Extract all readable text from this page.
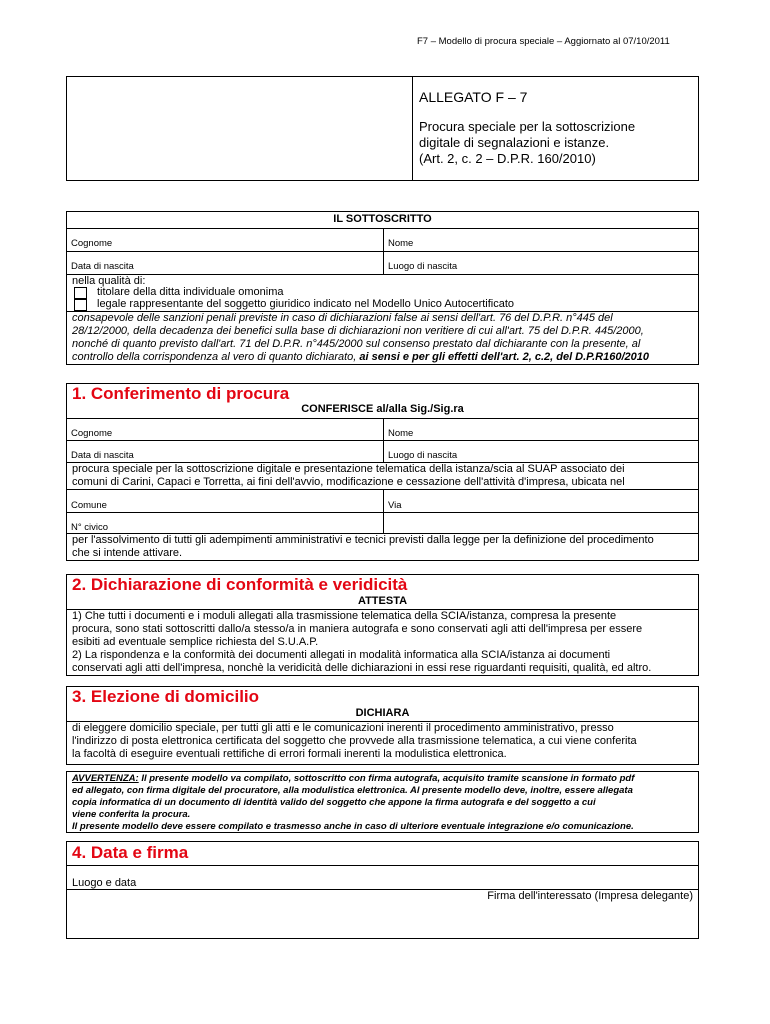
F7 – Modello di procura speciale – Aggiornato al 07/10/2011
ALLEGATO F – 7
Procura speciale per la sottoscrizione
digitale di segnalazioni e istanze.
(Art. 2, c. 2 – D.P.R. 160/2010)
IL SOTTOSCRITTO
Cognome	Nome
Data di nascita	Luogo di nascita
nella qualità di:
titolare della ditta individuale omonima
legale rappresentante del soggetto giuridico indicato nel Modello Unico Autocertificato
consapevole delle sanzioni penali previste in caso di dichiarazioni false ai sensi dell'art. 76 del D.P.R. n°445 del
28/12/2000, della decadenza dei benefici sulla base di dichiarazioni non veritiere di cui all'art. 75 del D.P.R. 445/2000,
nonché di quanto previsto dall'art. 71 del D.P.R. n°445/2000 sul consenso prestato dal dichiarante con la presente, al
controllo della corrispondenza al vero di quanto dichiarato, ai sensi e per gli effetti dell'art. 2, c.2, del D.P.R160/2010
1. Conferimento di procura
CONFERISCE al/alla Sig./Sig.ra
Cognome	Nome
Data di nascita	Luogo di nascita
procura speciale per la sottoscrizione digitale e presentazione telematica della istanza/scia al SUAP associato dei
comuni di Carini, Capaci e Torretta, ai fini dell'avvio, modificazione e cessazione dell'attività d'impresa, ubicata nel
Comune	Via
N° civico
per l'assolvimento di tutti gli adempimenti amministrativi e tecnici previsti dalla legge per la definizione del procedimento
che si intende attivare.
2. Dichiarazione di conformità e veridicità
ATTESTA
1) Che tutti i documenti e i moduli allegati alla trasmissione telematica della SCIA/istanza, compresa la presente
procura, sono stati sottoscritti dallo/a stesso/a in maniera autografa e sono conservati agli atti dell'impresa per essere
esibiti ad eventuale semplice richiesta del S.U.A.P.
2) La rispondenza e la conformità dei documenti allegati in modalità informatica alla SCIA/istanza ai documenti
conservati agli atti dell'impresa, nonchè la veridicità delle dichiarazioni in essi rese riguardanti requisiti, qualità, ed altro.
3. Elezione di domicilio
DICHIARA
di eleggere domicilio speciale, per tutti gli atti e le comunicazioni inerenti il procedimento amministrativo, presso
l'indirizzo di posta elettronica certificata del soggetto che provvede alla trasmissione telematica, a cui viene conferita
la facoltà di eseguire eventuali rettifiche di errori formali inerenti la modulistica elettronica.
AVVERTENZA: Il presente modello va compilato, sottoscritto con firma autografa, acquisito tramite scansione in formato pdf
ed allegato, con firma digitale del procuratore, alla modulistica elettronica. Al presente modello deve, inoltre, essere allegata
copia informatica di un documento di identità valido del soggetto che appone la firma autografa e del soggetto a cui
viene conferita la procura.
Il presente modello deve essere compilato e trasmesso anche in caso di ulteriore eventuale integrazione e/o comunicazione.
4. Data e firma
Luogo e data
Firma dell'interessato (Impresa delegante)
